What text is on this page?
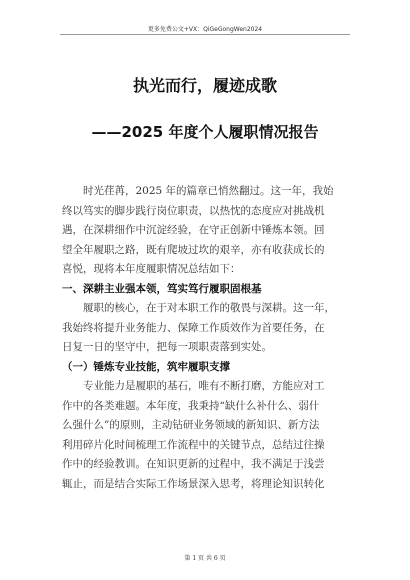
更多免费公文+VX：QiGeGongWen2024
执光而行，履迹成歌
——2025 年度个人履职情况报告
时光荏苒，2025 年的篇章已悄然翻过。这一年，我始
终以笃实的脚步践行岗位职责，以热忱的态度应对挑战机
遇，在深耕细作中沉淀经验，在守正创新中锤炼本领。回
望全年履职之路，既有爬坡过坎的艰辛，亦有收获成长的
喜悦，现将本年度履职情况总结如下：
一、深耕主业强本领，笃实笃行履职固根基
履职的核心，在于对本职工作的敬畏与深耕。这一年，
我始终将提升业务能力、保障工作质效作为首要任务，在
日复一日的坚守中，把每一项职责落到实处。
（一）锤炼专业技能，筑牢履职支撑
专业能力是履职的基石，唯有不断打磨，方能应对工
作中的各类难题。本年度，我秉持“缺什么补什么、弱什
么强什么”的原则，主动钻研业务领域的新知识、新方法
利用碎片化时间梳理工作流程中的关键节点，总结过往操
作中的经验教训。在知识更新的过程中，我不满足于浅尝
辄止，而是结合实际工作场景深入思考，将理论知识转化
第 1 页 共 6 页
